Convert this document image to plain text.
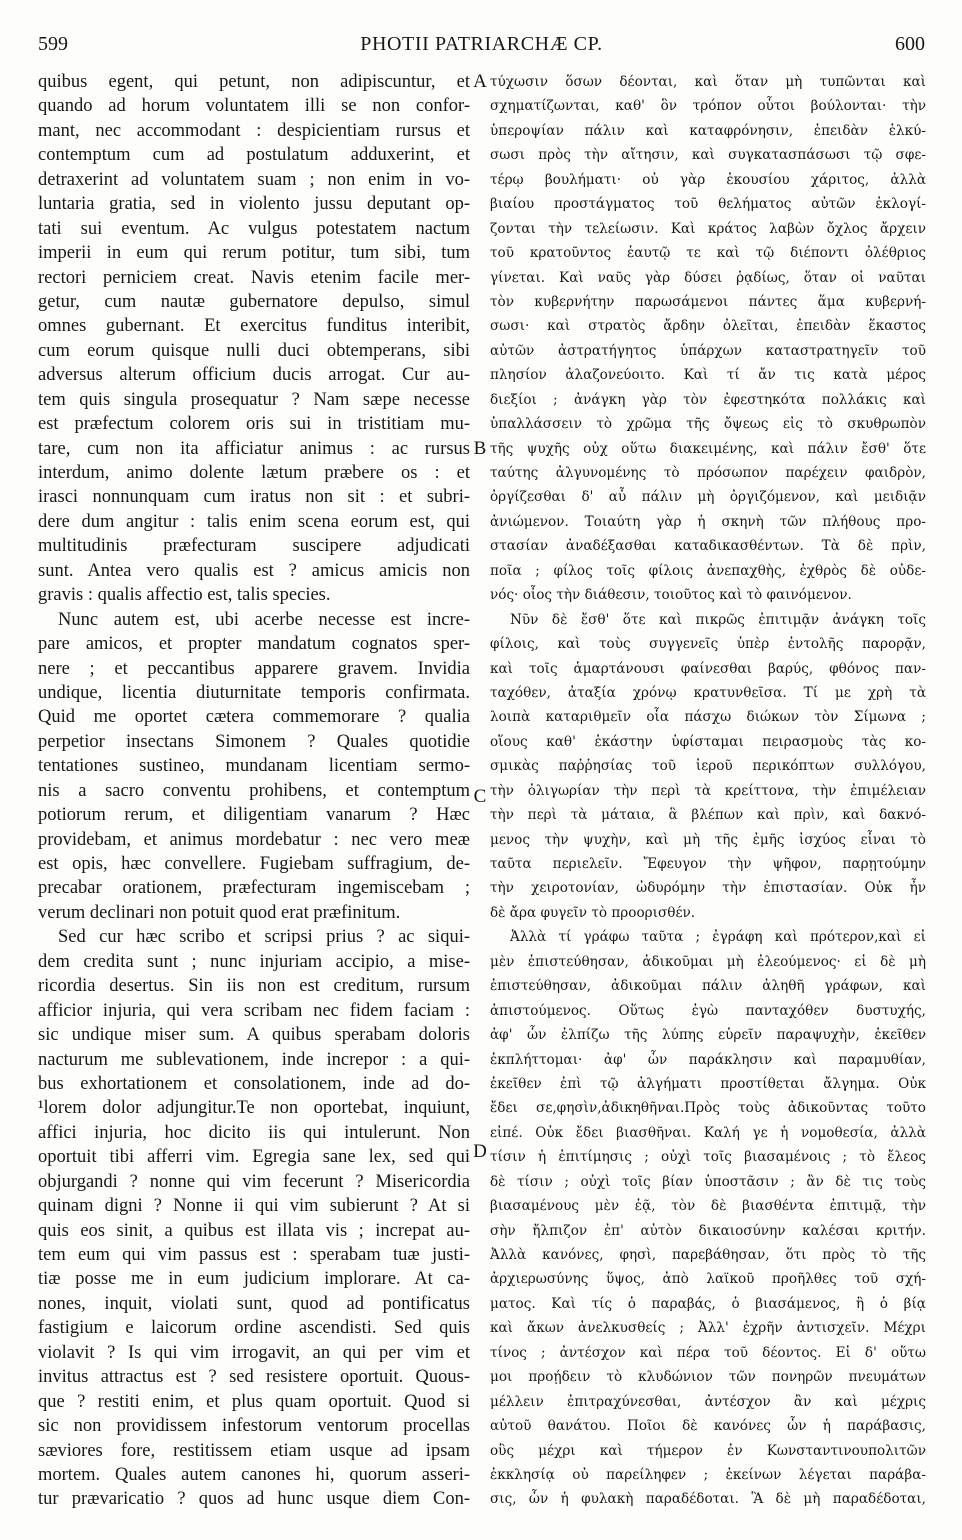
599	PHOTII PATRIARCHÆ CP.	600
quibus egent, qui petunt, non adipiscuntur, et
quando ad horum voluntatem illi se non confor-
mant, nec accommodant : despicientiam rursus et
contemptum cum ad postulatum adduxerint, et
detraxerint ad voluntatem suam ; non enim in vo-
luntaria gratia, sed in violento jussu deputant op-
tati sui eventum. Ac vulgus potestatem nactum
imperii in eum qui rerum potitur, tum sibi, tum
rectori perniciem creat. Navis etenim facile mer-
getur, cum nautæ gubernatore depulso, simul
omnes gubernant. Et exercitus funditus interibit,
cum eorum quisque nulli duci obtemperans, sibi
adversus alterum officium ducis arrogat. Cur au-
tem quis singula prosequatur ? Nam sæpe necesse
est præfectum colorem oris sui in tristitiam mu-
tare, cum non ita afficiatur animus : ac rursus
interdum, animo dolente lætum præbere os : et
irasci nonnunquam cum iratus non sit : et subri-
dere dum angitur : talis enim scena eorum est, qui
multitudinis præfecturam suscipere adjudicati
sunt. Antea vero qualis est ? amicus amicis non
gravis : qualis affectio est, talis species.
Nunc autem est, ubi acerbe necesse est incre-
pare amicos, et propter mandatum cognatos sper-
nere ; et peccantibus apparere gravem. Invidia
undique, licentia diuturnitate temporis confirmata.
Quid me oportet cætera commemorare ? qualia
perpetior insectans Simonem ? Quales quotidie
tentationes sustineo, mundanam licentiam sermo-
nis a sacro conventu prohibens, et contemptum
potiorum rerum, et diligentiam vanarum ? Hæc
providebam, et animus mordebatur : nec vero meæ
est opis, hæc convellere. Fugiebam suffragium, de-
precabar orationem, præfecturam ingemiscebam ;
verum declinari non potuit quod erat præfinitum.
Sed cur hæc scribo et scripsi prius ? ac siqui-
dem credita sunt ; nunc injuriam accipio, a mise-
ricordia desertus. Sin iis non est creditum, rursum
afficior injuria, qui vera scribam nec fidem faciam :
sic undique miser sum. A quibus sperabam doloris
nacturum me sublevationem, inde increpor : a qui-
bus exhortationem et consolationem, inde ad do-
¹lorem dolor adjungitur.Te non oportebat, inquiunt,
affici injuria, hoc dicito iis qui intulerunt. Non
oportuit tibi afferri vim. Egregia sane lex, sed qui
objurgandi ? nonne qui vim fecerunt ? Misericordia
quinam digni ? Nonne ii qui vim subierunt ? At si
quis eos sinit, a quibus est illata vis ; increpat au-
tem eum qui vim passus est : sperabam tuæ justi-
tiæ posse me in eum judicium implorare. At ca-
nones, inquit, violati sunt, quod ad pontificatus
fastigium e laicorum ordine ascendisti. Sed quis
violavit ? Is qui vim irrogavit, an qui per vim et
invitus attractus est ? sed resistere oportuit. Quous-
que ? restiti enim, et plus quam oportuit. Quod si
sic non providissem infestorum ventorum procellas
sæviores fore, restitissem etiam usque ad ipsam
mortem. Quales autem canones hi, quorum asseri-
tur prævaricatio ? quos ad hunc usque diem Con-
A
B
C
D
τύχωσιν ὅσων δέονται, καὶ ὅταν μὴ τυπῶνται καὶ
σχηματίζωνται, καθ' ὃν τρόπον οὗτοι βούλονται· τὴν
ὑπεροψίαν πάλιν καὶ καταφρόνησιν, ἐπειδὰν ἑλκύ-
σωσι πρὸς τὴν αἴτησιν, καὶ συγκατασπάσωσι τῷ σφε-
τέρῳ βουλήματι· οὐ γὰρ ἑκουσίου χάριτος, ἀλλὰ
βιαίου προστάγματος τοῦ θελήματος αὐτῶν ἐκλογί-
ζονται τὴν τελείωσιν. Καὶ κράτος λαβὼν ὄχλος ἄρχειν
τοῦ κρατοῦντος ἑαυτῷ τε καὶ τῷ διέποντι ὀλέθριος
γίνεται. Καὶ ναῦς γὰρ δύσει ῥᾳδίως, ὅταν οἱ ναῦται
τὸν κυβερνήτην παρωσάμενοι πάντες ἅμα κυβερνή-
σωσι· καὶ στρατὸς ἄρδην ὀλεῖται, ἐπειδὰν ἕκαστος
αὐτῶν ἀστρατήγητος ὑπάρχων καταστρατηγεῖν τοῦ
πλησίον ἀλαζονεύοιτο. Καὶ τί ἄν τις κατὰ μέρος
διεξίοι ; ἀνάγκη γὰρ τὸν ἐφεστηκότα πολλάκις καὶ
ὑπαλλάσσειν τὸ χρῶμα τῆς ὄψεως εἰς τὸ σκυθρωπὸν
τῆς ψυχῆς οὐχ οὕτω διακειμένης, καὶ πάλιν ἔσθ' ὅτε
ταύτης ἀλγυνομένης τὸ πρόσωπον παρέχειν φαιδρὸν,
ὀργίζεσθαι δ' αὖ πάλιν μὴ ὀργιζόμενον, καὶ μειδιᾷν
ἀνιώμενον. Τοιαύτη γὰρ ἡ σκηνὴ τῶν πλήθους προ-
στασίαν ἀναδέξασθαι καταδικασθέντων. Τὰ δὲ πρὶν,
ποῖα ; φίλος τοῖς φίλοις ἀνεπαχθὴς, ἐχθρὸς δὲ οὐδε-
νός· οἷος τὴν διάθεσιν, τοιοῦτος καὶ τὸ φαινόμενον.
Νῦν δὲ ἔσθ' ὅτε καὶ πικρῶς ἐπιτιμᾷν ἀνάγκη τοῖς
φίλοις, καὶ τοὺς συγγενεῖς ὑπὲρ ἐντολῆς παρορᾷν,
καὶ τοῖς ἁμαρτάνουσι φαίνεσθαι βαρύς, φθόνος παν-
ταχόθεν, ἀταξία χρόνῳ κρατυνθεῖσα. Τί με χρὴ τὰ
λοιπὰ καταριθμεῖν οἷα πάσχω διώκων τὸν Σίμωνα ;
οἵους καθ' ἑκάστην ὑφίσταμαι πειρασμοὺς τὰς κο-
σμικὰς παῤῥησίας τοῦ ἱεροῦ περικόπτων συλλόγου,
τὴν ὀλιγωρίαν τὴν περὶ τὰ κρείττονα, τὴν ἐπιμέλειαν
τὴν περὶ τὰ μάταια, ἃ βλέπων καὶ πρὶν, καὶ δακνό-
μενος τὴν ψυχὴν, καὶ μὴ τῆς ἐμῆς ἰσχύος εἶναι τὸ
ταῦτα περιελεῖν. Ἔφευγον τὴν ψῆφον, παρῃτούμην
τὴν χειροτονίαν, ὠδυρόμην τὴν ἐπιστασίαν. Οὐκ ἦν
δὲ ἄρα φυγεῖν τὸ προορισθέν.
Ἀλλὰ τί γράφω ταῦτα ; ἐγράφη καὶ πρότερον,καὶ εἰ
μὲν ἐπιστεύθησαν, ἀδικοῦμαι μὴ ἐλεούμενος· εἰ δὲ μὴ
ἐπιστεύθησαν, ἀδικοῦμαι πάλιν ἀληθῆ γράφων, καὶ
ἀπιστούμενος. Οὕτως ἐγὼ πανταχόθεν δυστυχής,
ἀφ' ὧν ἐλπίζω τῆς λύπης εὑρεῖν παραψυχὴν, ἐκεῖθεν
ἐκπλήττομαι· ἀφ' ὧν παράκλησιν καὶ παραμυθίαν,
ἐκεῖθεν ἐπὶ τῷ ἀλγήματι προστίθεται ἄλγημα. Οὐκ
ἔδει σε,φησὶν,ἀδικηθῆναι.Πρὸς τοὺς ἀδικοῦντας τοῦτο
εἰπέ. Οὐκ ἔδει βιασθῆναι. Καλή γε ἡ νομοθεσία, ἀλλὰ
τίσιν ἡ ἐπιτίμησις ; οὐχὶ τοῖς βιασαμένοις ; τὸ ἔλεος
δὲ τίσιν ; οὐχὶ τοῖς βίαν ὑποστᾶσιν ; ἂν δὲ τις τοὺς
βιασαμένους μὲν ἐᾷ, τὸν δὲ βιασθέντα ἐπιτιμᾷ, τὴν
σὴν ἤλπιζον ἐπ' αὐτὸν δικαιοσύνην καλέσαι κριτήν.
Ἀλλὰ κανόνες, φησὶ, παρεβάθησαν, ὅτι πρὸς τὸ τῆς
ἀρχιερωσύνης ὕψος, ἀπὸ λαϊκοῦ προῆλθες τοῦ σχή-
ματος. Καὶ τίς ὁ παραβάς, ὁ βιασάμενος, ἢ ὁ βίᾳ
καὶ ἄκων ἀνελκυσθείς ; Ἀλλ' ἐχρῆν ἀντισχεῖν. Μέχρι
τίνος ; ἀντέσχον καὶ πέρα τοῦ δέοντος. Εἰ δ' οὕτω
μοι προῄδειν τὸ κλυδώνιον τῶν πονηρῶν πνευμάτων
μέλλειν ἐπιτραχύνεσθαι, ἀντέσχον ἂν καὶ μέχρις
αὐτοῦ θανάτου. Ποῖοι δὲ κανόνες ὧν ἡ παράβασις,
οὓς μέχρι καὶ τήμερον ἐν Κωνσταντινουπολιτῶν
ἐκκλησίᾳ οὐ παρείληφεν ; ἐκείνων λέγεται παράβα-
σις, ὧν ἡ φυλακὴ παραδέδοται. Ἃ δὲ μὴ παραδέδοται,
